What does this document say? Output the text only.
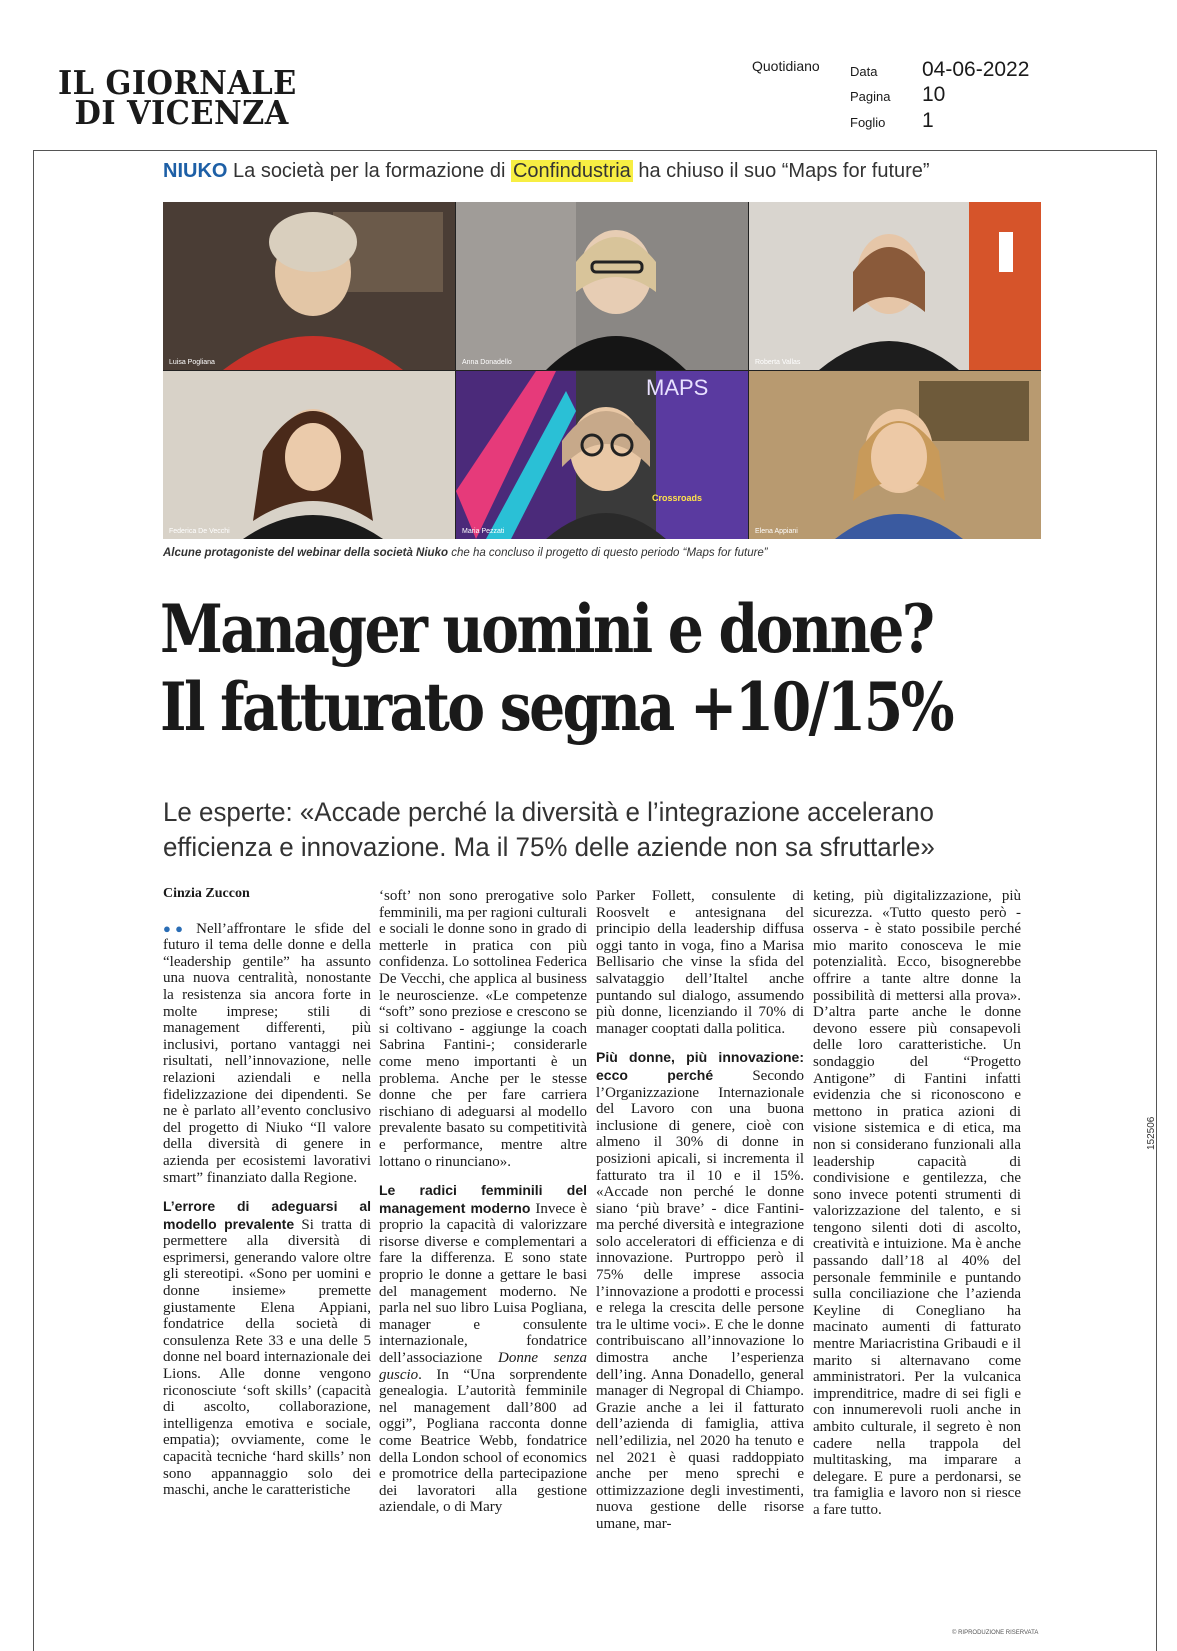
IL GIORNALE
DI VICENZA
Quotidiano	Data 04-06-2022
Pagina 10
Foglio 1
NIUKO La società per la formazione di Confindustria ha chiuso il suo “Maps for future”
Luisa Pogliana	Anna Donadello	Roberta Vallas
Federica De Vecchi
MAPS
Crossroads
Maria Pezzati	Elena Appiani
Alcune protagoniste del webinar della società Niuko che ha concluso il progetto di questo periodo “Maps for future”
Manager uomini e donne?
Il fatturato segna +10/15%
Le esperte: «Accade perché la diversità e l’integrazione accelerano efficienza e innovazione. Ma il 75% delle aziende non sa sfruttarle»
Cinzia Zuccon

●● Nell’affrontare le sfide del futuro il tema delle donne e della “leadership gentile” ha assunto una nuova centralità, nonostante la resistenza sia ancora forte in molte imprese; stili di management differenti, più inclusivi, portano vantaggi nei risultati, nell’innovazione, nelle relazioni aziendali e nella fidelizzazione dei dipendenti. Se ne è parlato all’evento conclusivo del progetto di Niuko “Il valore della diversità di genere in azienda per ecosistemi lavorativi smart” finanziato dalla Regione.

L’errore di adeguarsi al modello prevalente Si tratta di permettere alla diversità di esprimersi, generando valore oltre gli stereotipi. «Sono per uomini e donne insieme» premette giustamente Elena Appiani, fondatrice della società di consulenza Rete 33 e una delle 5 donne nel board internazionale dei Lions. Alle donne vengono riconosciute ‘soft skills’ (capacità di ascolto, collaborazione, intelligenza emotiva e sociale, empatia); ovviamente, come le capacità tecniche ‘hard skills’ non sono appannaggio solo dei maschi, anche le caratteristiche

‘soft’ non sono prerogative solo femminili, ma per ragioni culturali e sociali le donne sono in grado di metterle in pratica con più confidenza. Lo sottolinea Federica De Vecchi, che applica al business le neuroscienze. «Le competenze “soft” sono preziose e crescono se si coltivano - aggiunge la coach Sabrina Fantini-; considerarle come meno importanti è un problema. Anche per le stesse donne che per fare carriera rischiano di adeguarsi al modello prevalente basato su competitività e performance, mentre altre lottano o rinunciano».

Le radici femminili del management moderno Invece è proprio la capacità di valorizzare risorse diverse e complementari a fare la differenza. E sono state proprio le donne a gettare le basi del management moderno. Ne parla nel suo libro Luisa Pogliana, manager e consulente internazionale, fondatrice dell’associazione Donne senza guscio. In “Una sorprendente genealogia. L’autorità femminile nel management dall’800 ad oggi”, Pogliana racconta donne come Beatrice Webb, fondatrice della London school of economics e promotrice della partecipazione dei lavoratori alla gestione aziendale, o di Mary

Parker Follett, consulente di Roosvelt e antesignana del principio della leadership diffusa oggi tanto in voga, fino a Marisa Bellisario che vinse la sfida del salvataggio dell’Italtel anche puntando sul dialogo, assumendo più donne, licenziando il 70% di manager cooptati dalla politica.

Più donne, più innovazione: ecco perché Secondo l’Organizzazione Internazionale del Lavoro con una buona inclusione di genere, cioè con almeno il 30% di donne in posizioni apicali, si incrementa il fatturato tra il 10 e il 15%. «Accade non perché le donne siano ‘più brave’ - dice Fantini- ma perché diversità e integrazione solo acceleratori di efficienza e di innovazione. Purtroppo però il 75% delle imprese associa l’innovazione a prodotti e processi e relega la crescita delle persone tra le ultime voci». E che le donne contribuiscano all’innovazione lo dimostra anche l’esperienza dell’ing. Anna Donadello, general manager di Negropal di Chiampo. Grazie anche a lei il fatturato dell’azienda di famiglia, attiva nell’edilizia, nel 2020 ha tenuto e nel 2021 è quasi raddoppiato anche per meno sprechi e ottimizzazione degli investimenti, nuova gestione delle risorse umane, mar-

keting, più digitalizzazione, più sicurezza. «Tutto questo però - osserva - è stato possibile perché mio marito conosceva le mie potenzialità. Ecco, bisognerebbe offrire a tante altre donne la possibilità di mettersi alla prova». D’altra parte anche le donne devono essere più consapevoli delle loro caratteristiche. Un sondaggio del “Progetto Antigone” di Fantini infatti evidenzia che si riconoscono e mettono in pratica azioni di visione sistemica e di etica, ma non si considerano funzionali alla leadership capacità di condivisione e gentilezza, che sono invece potenti strumenti di valorizzazione del talento, e si tengono silenti doti di ascolto, creatività e intuizione. Ma è anche passando dall’18 al 40% del personale femminile e puntando sulla conciliazione che l’azienda Keyline di Conegliano ha macinato aumenti di fatturato mentre Mariacristina Gribaudi e il marito si alternavano come amministratori. Per la vulcanica imprenditrice, madre di sei figli e con innumerevoli ruoli anche in ambito culturale, il segreto è non cadere nella trappola del multitasking, ma imparare a delegare. E pure a perdonarsi, se tra famiglia e lavoro non si riesce a fare tutto.

152506
© RIPRODUZIONE RISERVATA
